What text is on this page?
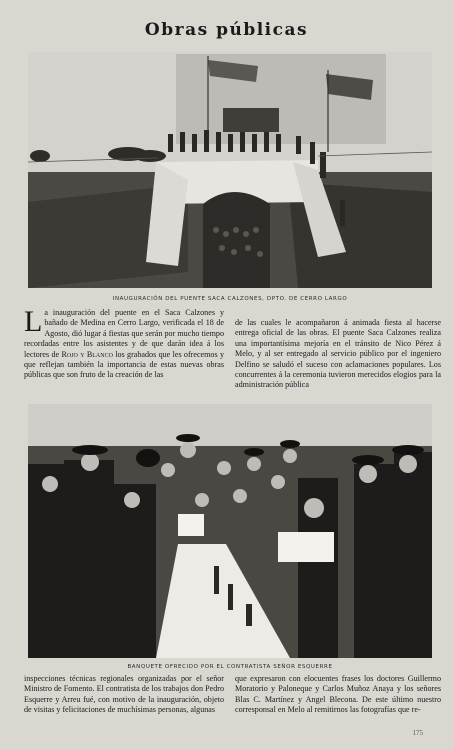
Obras públicas
INAUGURACIÓN DEL PUENTE SACA CALZONES, DPTO. DE CERRO LARGO
La inauguración del puente en el Saca Calzones y bañado de Medina en Cerro Largo, verificada el 18 de Agosto, dió lugar á fiestas que serán por mucho tiempo recordadas entre los asistentes y de que darán idea á los lectores de Rojo y Blanco los grabados que les ofrecemos y que reflejan también la importancia de estas nuevas obras públicas que son fruto de la creación de las
de las cuales le acompañaron á animada fiesta al hacerse entrega oficial de las obras. El puente Saca Calzones realiza una importantísima mejoría en el tránsito de Nico Pérez á Melo, y al ser entregado al servicio público por el ingeniero Delfino se saludó el suceso con aclamaciones populares. Los concurrentes á la ceremonia tuvieron merecidos elogios para la administración pública
BANQUETE OFRECIDO POR EL CONTRATISTA SEÑOR ESQUERRE
inspecciones técnicas regionales organizadas por el señor Ministro de Fomento. El contratista de los trabajos don Pedro Esquerre y Arreu fué, con motivo de la inauguración, objeto de visitas y felicitaciones de muchísimas personas, algunas
que expresaron con elocuentes frases los doctores Guillermo Moratorio y Paloneque y Carlos Muñoz Anaya y los señores Blas C. Martínez y Angel Blecona. De este último nuestro corresponsal en Melo al remitirnos las fotografías que re-
175
